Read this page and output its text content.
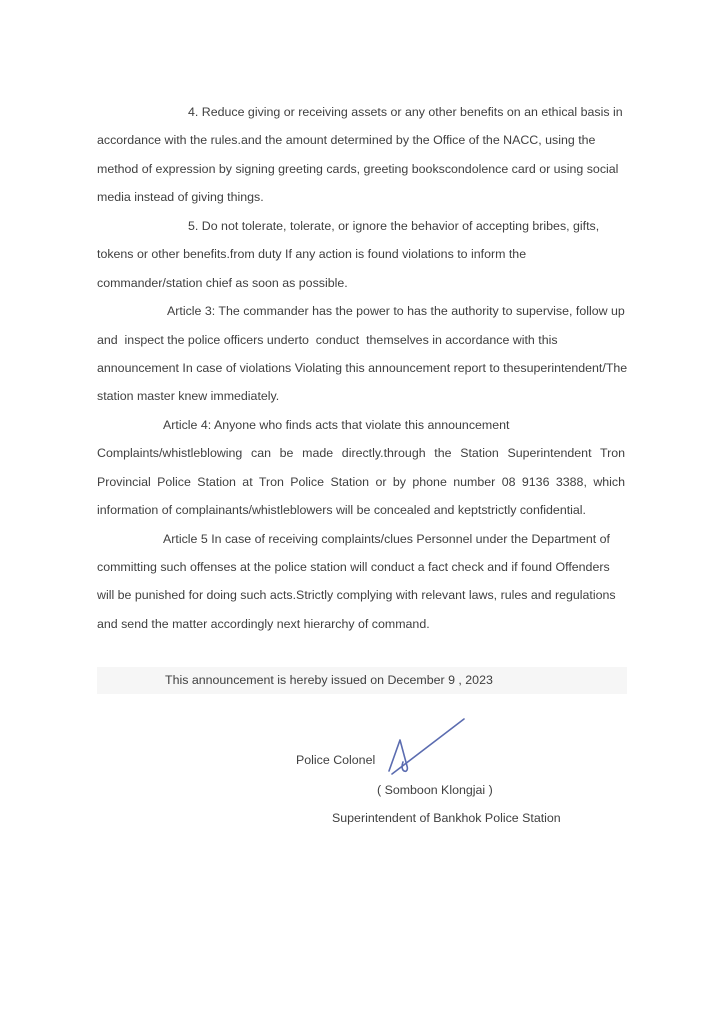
4. Reduce giving or receiving assets or any other benefits on an ethical basis in
accordance with the rules.and the amount determined by the Office of the NACC, using the
method of expression by signing greeting cards, greeting bookscondolence card or using social
media instead of giving things.
5. Do not tolerate, tolerate, or ignore the behavior of accepting bribes, gifts,
tokens or other benefits.from duty If any action is found violations to inform the
commander/station chief as soon as possible.
Article 3: The commander has the power to has the authority to supervise, follow up
and  inspect the police officers underto  conduct  themselves in accordance with this
announcement In case of violations Violating this announcement report to thesuperintendent/The
station master knew immediately.
Article 4: Anyone who finds acts that violate this announcement
Complaints/whistleblowing can be made directly.through the Station Superintendent Tron
Provincial Police Station at Tron Police Station or by phone number 08 9136 3388, which
information of complainants/whistleblowers will be concealed and keptstrictly confidential.
Article 5 In case of receiving complaints/clues Personnel under the Department of
committing such offenses at the police station will conduct a fact check and if found Offenders
will be punished for doing such acts.Strictly complying with relevant laws, rules and regulations
and send the matter accordingly next hierarchy of command.
This announcement is hereby issued on December 9 , 2023
Police Colonel
( Somboon Klongjai )
Superintendent of Bankhok Police Station
